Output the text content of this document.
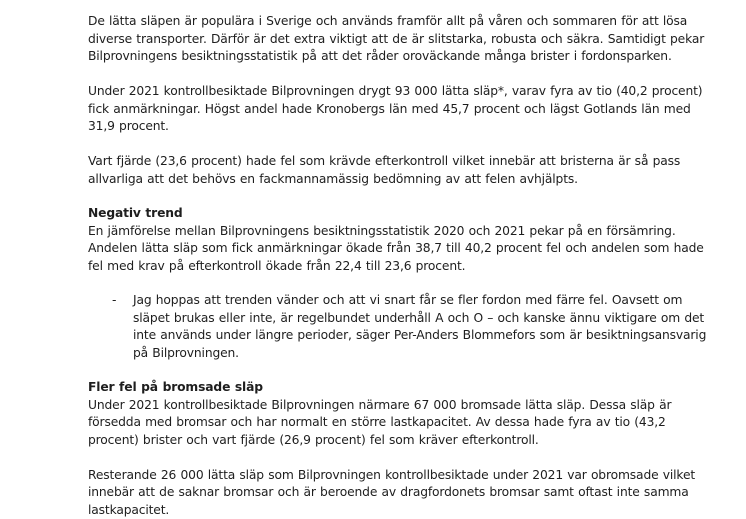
De lätta släpen är populära i Sverige och används framför allt på våren och sommaren för att lösa diverse transporter. Därför är det extra viktigt att de är slitstarka, robusta och säkra. Samtidigt pekar Bilprovningens besiktningsstatistik på att det råder oroväckande många brister i fordonsparken.

Under 2021 kontrollbesiktade Bilprovningen drygt 93 000 lätta släp*, varav fyra av tio (40,2 procent) fick anmärkningar. Högst andel hade Kronobergs län med 45,7 procent och lägst Gotlands län med 31,9 procent.

Vart fjärde (23,6 procent) hade fel som krävde efterkontroll vilket innebär att bristerna är så pass allvarliga att det behövs en fackmannamässig bedömning av att felen avhjälpts.

Negativ trend

En jämförelse mellan Bilprovningens besiktningsstatistik 2020 och 2021 pekar på en försämring. Andelen lätta släp som fick anmärkningar ökade från 38,7 till 40,2 procent fel och andelen som hade fel med krav på efterkontroll ökade från 22,4 till 23,6 procent.

- Jag hoppas att trenden vänder och att vi snart får se fler fordon med färre fel. Oavsett om släpet brukas eller inte, är regelbundet underhåll A och O – och kanske ännu viktigare om det inte används under längre perioder, säger Per-Anders Blommefors som är besiktningsansvarig på Bilprovningen.
Fler fel på bromsade släp

Under 2021 kontrollbesiktade Bilprovningen närmare 67 000 bromsade lätta släp. Dessa släp är försedda med bromsar och har normalt en större lastkapacitet. Av dessa hade fyra av tio (43,2 procent) brister och vart fjärde (26,9 procent) fel som kräver efterkontroll.

Resterande 26 000 lätta släp som Bilprovningen kontrollbesiktade under 2021 var obromsade vilket innebär att de saknar bromsar och är beroende av dragfordonets bromsar samt oftast inte samma lastkapacitet.
